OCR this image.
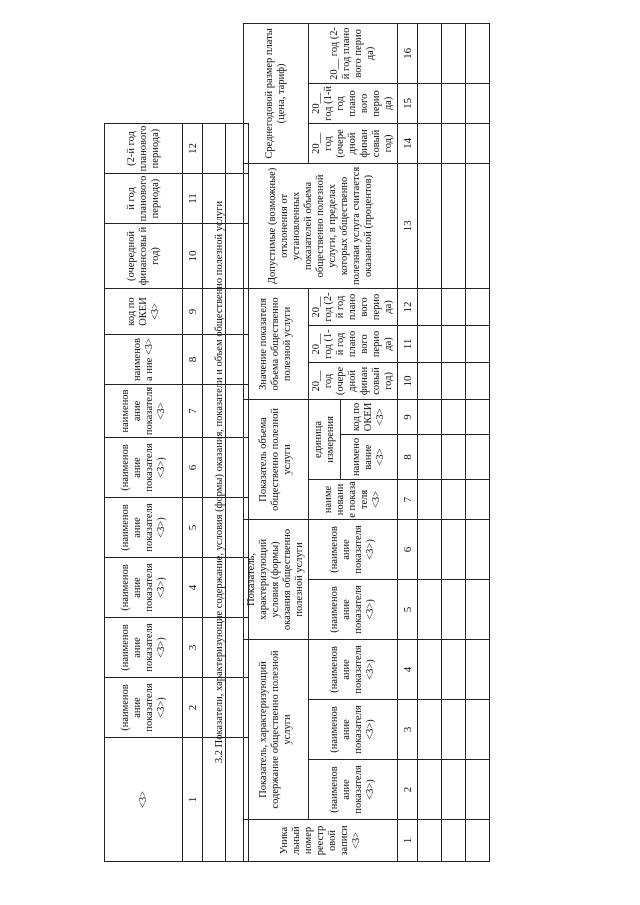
<3>	(наименов ание показателя <3>)	(наименов ание показателя <3>)	(наименов ание показателя <3>)	(наименов ание показателя <3>)	(наименов ание показателя <3>)	наименов ание показателя <3>	наименова ние <3>	код по ОКЕИ <3>	(очередной финансовы й год)	й год планового периода)	(2-й год планового периода)
1	2	3	4	5	6	7	8	9	10	11	12

3.2 Показатели, характеризующие содержание, условия (формы) оказания, показатели и объем общественно полезной услуги
Уника льный номер реестр овой записи <3>	Показатель, характеризующий содержание общественно полезной услуги			Показатель, характеризующий условия (формы) оказания общественно полезной услуги		Показатель объема общественно полезной услуги			Значение показателя объема общественно полезной услуги			Допустимые (возможные) отклонения от установленных показателей объема общественно полезной услуги, в пределах которых общественно полезная услуга считается оказанной (процентов)	Среднегодовой размер платы (цена, тариф)		
	(наименов ание показателя <3>)	(наименов ание показателя <3>)	(наименов ание показателя <3>)	(наименов ание показателя <3>)	(наименов ание показателя <3>)	наиме новани е показа теля <3>	единица измерения		20__ год (очере дной финан совый год)	20__ год (1-й год плано вого перио да)	20__ год (2-й год плано вого перио да)		20__ год (очере дной финан совый год)	20__ год (1-й год плано вого перио да)	20__ год (2-й год плано вого перио да)
							наимено вание <3>	код по ОКЕИ <3>							
1	2	3	4	5	6	7	8	9	10	11	12	13	14	15	16
